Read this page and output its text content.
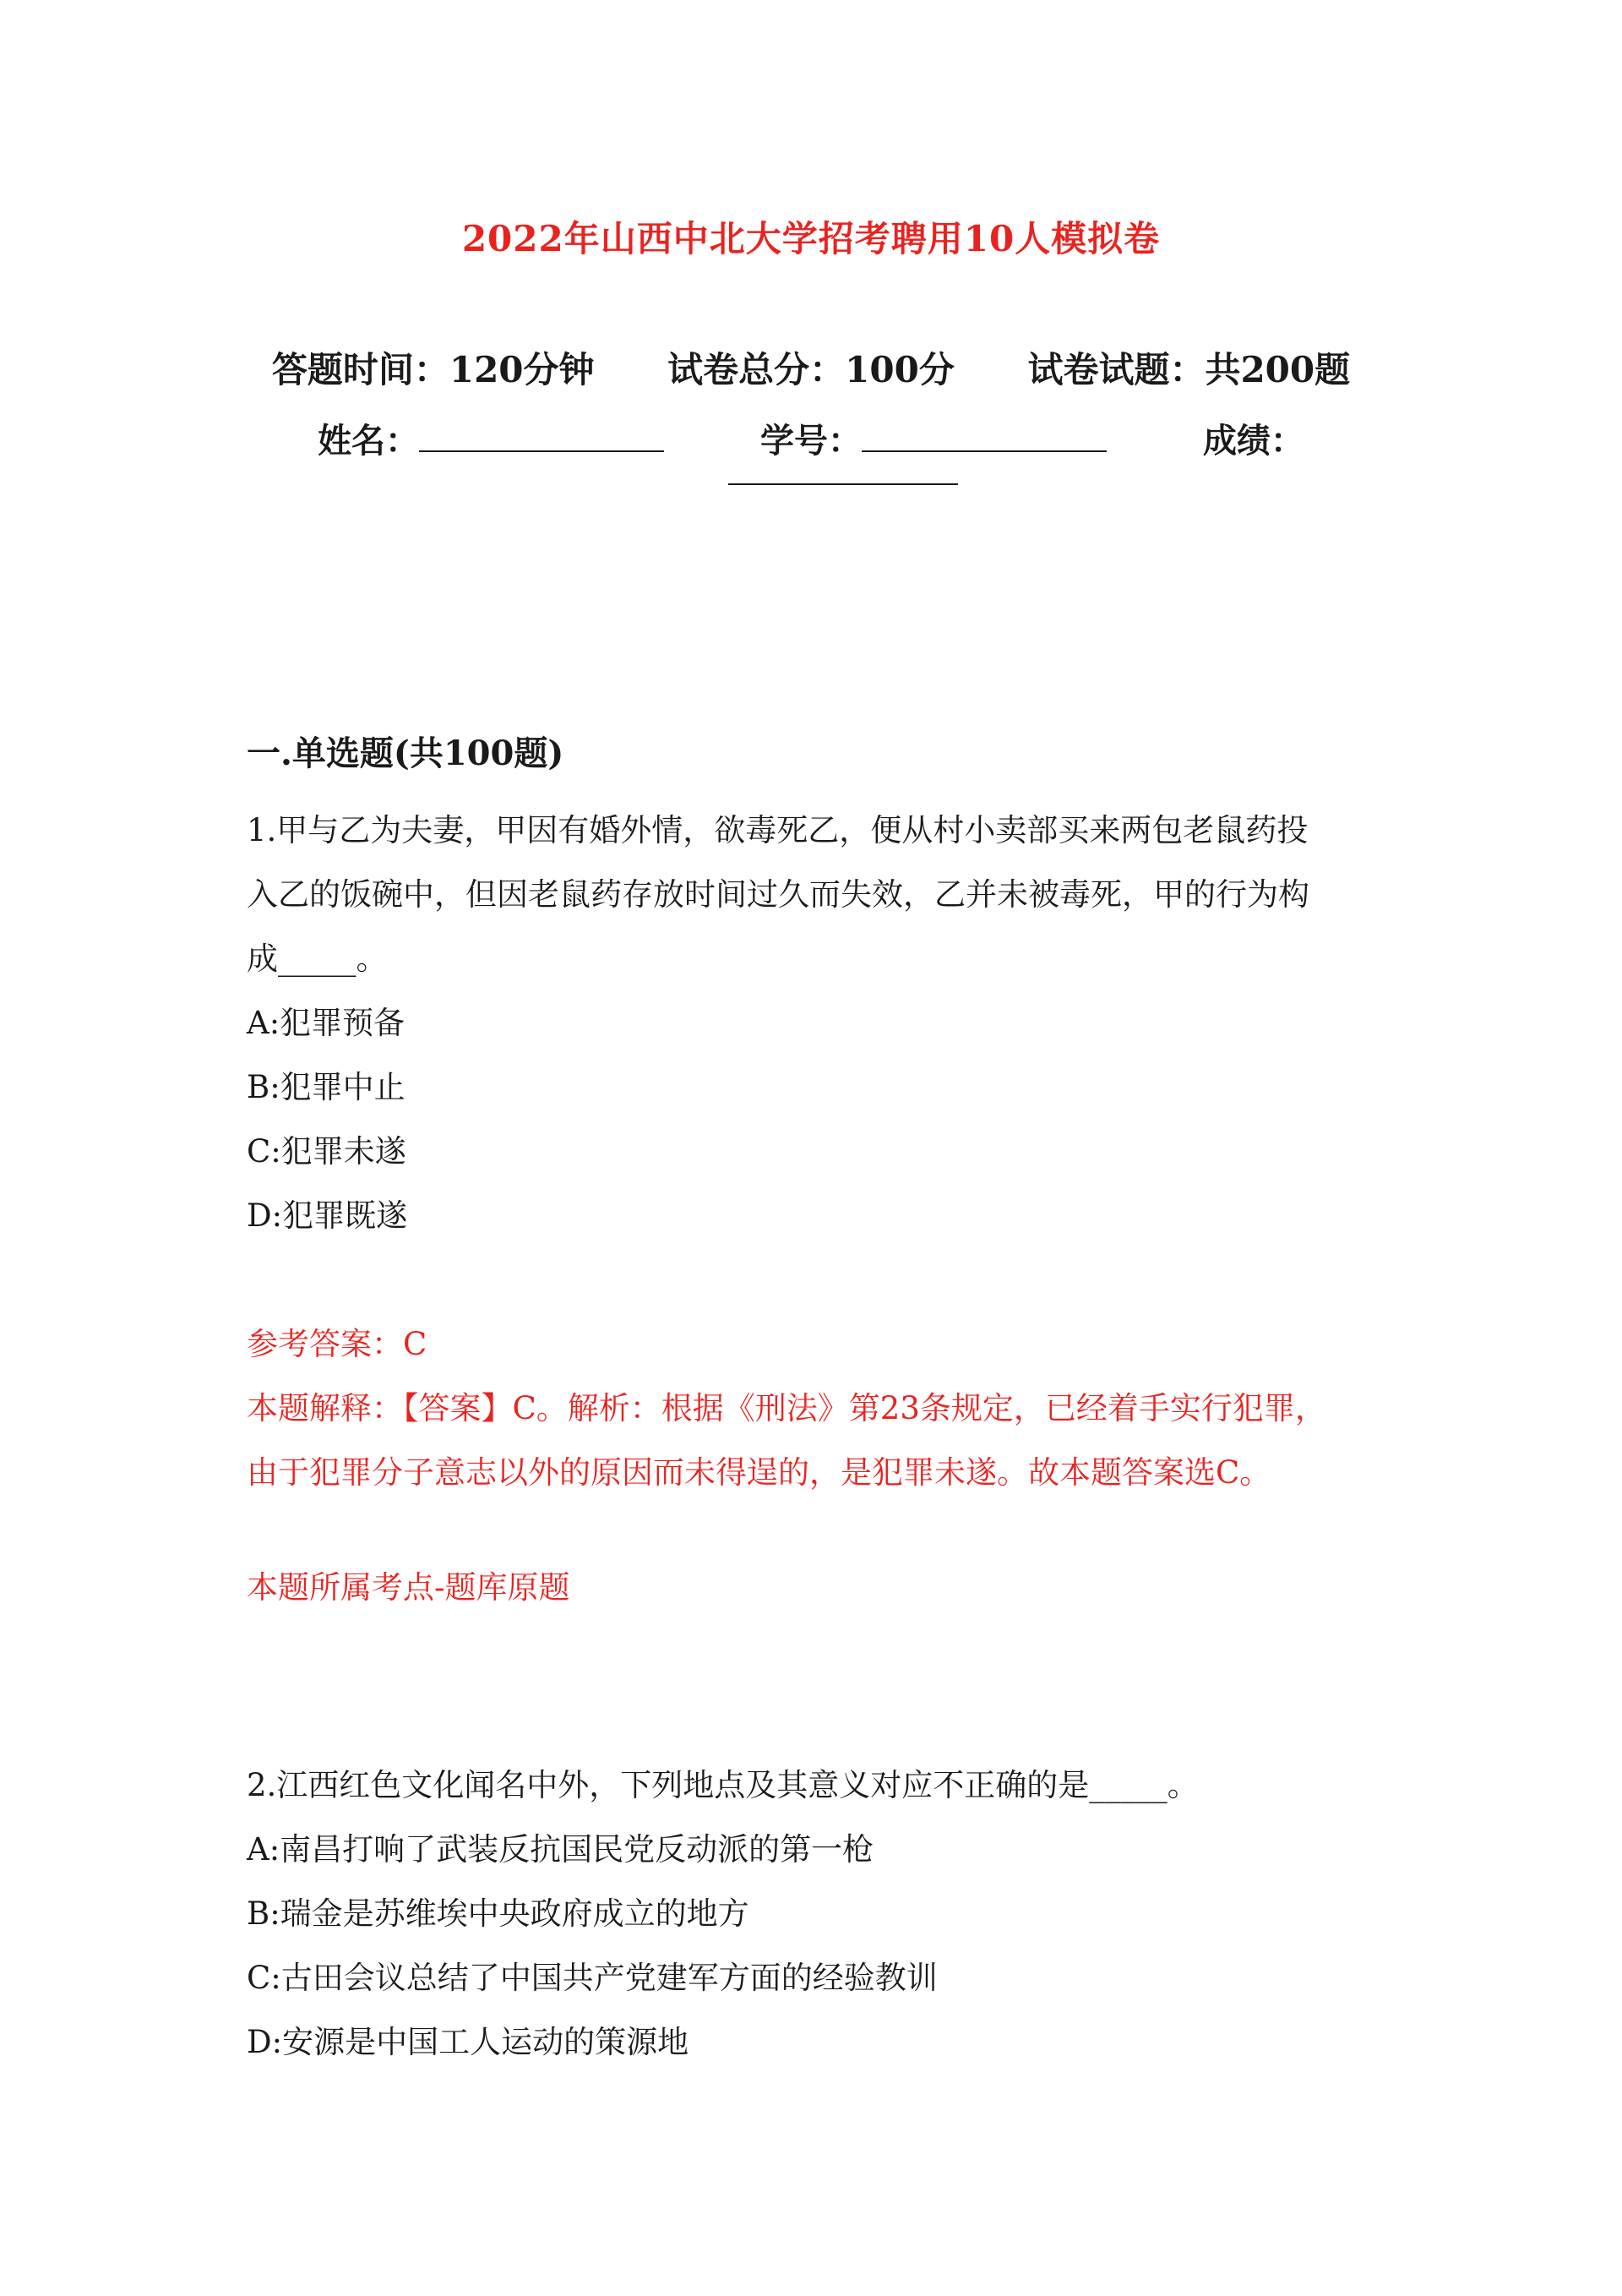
2022年山西中北大学招考聘用10人模拟卷
答题时间：120分钟 试卷总分：100分 试卷试题：共200题
姓名：	学号：	成绩：
一.单选题(共100题)

1.甲与乙为夫妻，甲因有婚外情，欲毒死乙，便从村小卖部买来两包老鼠药投
入乙的饭碗中，但因老鼠药存放时间过久而失效，乙并未被毒死，甲的行为构
成_____。

A:犯罪预备

B:犯罪中止

C:犯罪未遂

D:犯罪既遂

参考答案：C

本题解释：【答案】C。解析：根据《刑法》第23条规定，已经着手实行犯罪，
由于犯罪分子意志以外的原因而未得逞的，是犯罪未遂。故本题答案选C。

本题所属考点-题库原题

2.江西红色文化闻名中外，下列地点及其意义对应不正确的是_____。

A:南昌打响了武装反抗国民党反动派的第一枪

B:瑞金是苏维埃中央政府成立的地方

C:古田会议总结了中国共产党建军方面的经验教训

D:安源是中国工人运动的策源地
